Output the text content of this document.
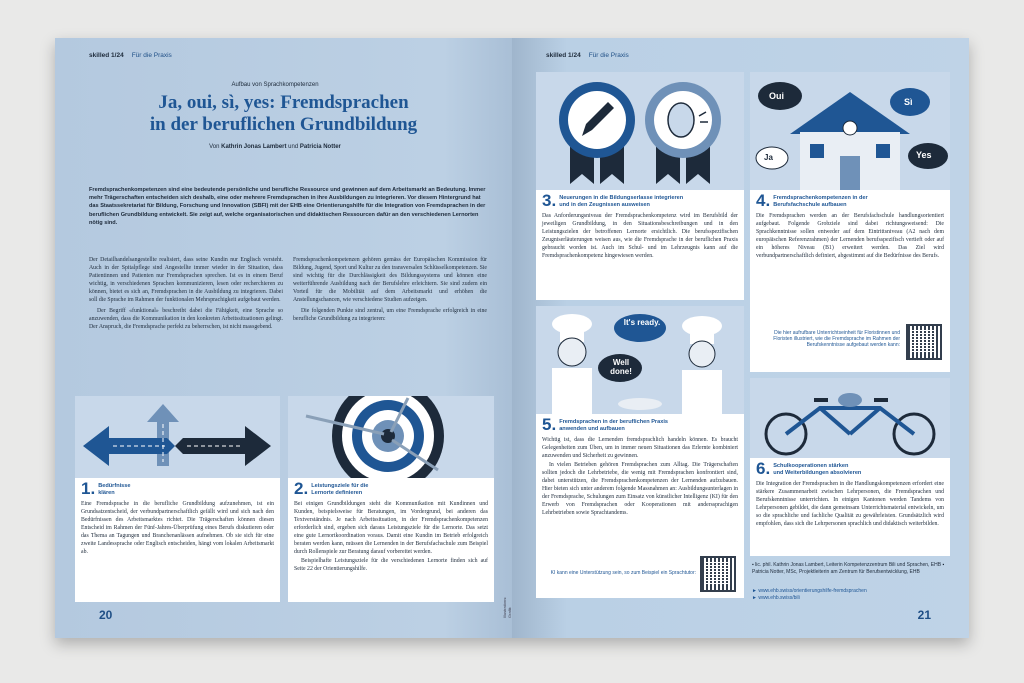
skilled 1/24 Für die Praxis
Aufbau von Sprachkompetenzen
Ja, oui, sì, yes: Fremdsprachen
in der beruflichen Grundbildung
Von Kathrin Jonas Lambert und Patricia Notter
Fremdsprachenkompetenzen sind eine bedeutende persönliche und berufliche Ressource und gewinnen auf dem Arbeitsmarkt an Bedeutung. Immer mehr Trägerschaften entscheiden sich deshalb, eine oder mehrere Fremdsprachen in ihre Ausbildungen zu integrieren. Vor diesem Hintergrund hat das Staatssekretariat für Bildung, Forschung und Innovation (SBFI) mit der EHB eine Orientierungshilfe für die Integration von Fremdsprachen in der beruflichen Grundbildung entwickelt. Sie zeigt auf, welche organisatorischen und didaktischen Ressourcen dafür an den verschiedenen Lernorten nötig sind.

Der Detailhandelsangestellte realisiert, dass seine Kundin nur Englisch versteht. Auch in der Spitalpflege sind Angestellte immer wieder in der Situation, dass Patientinnen und Patienten nur Fremdsprachen sprechen. Ist es in einem Beruf wichtig, in verschiedenen Sprachen kommunizieren, lesen oder recherchieren zu können, bietet es sich an, Fremdsprachen in die Ausbildung zu integrieren. Dabei soll die Sprache im Rahmen der funktionalen Mehrsprachigkeit aufgebaut werden.

Der Begriff «funktional» beschreibt dabei die Fähigkeit, eine Sprache so anzuwenden, dass die Kommunikation in den konkreten Arbeitssituationen gelingt. Der Anspruch, die Fremdsprache perfekt zu beherrschen, ist nicht massgebend.

Fremdsprachenkompetenzen gehören gemäss der Europäischen Kommission für Bildung, Jugend, Sport und Kultur zu den transversalen Schlüsselkompetenzen. Sie sind wichtig für die Durchlässigkeit des Bildungssystems und können eine weiterführende Ausbildung nach der Berufslehre erleichtern. Sie sind zudem ein Vorteil für die Mobilität auf dem Arbeitsmarkt und erhöhen die Anstellungschancen, wie verschiedene Studien aufzeigen.

Die folgenden Punkte sind zentral, um eine Fremdsprache erfolgreich in eine berufliche Grundbildung zu integrieren:

1. Bedürfnisse
klären
Eine Fremdsprache in die berufliche Grundbildung aufzunehmen, ist ein Grundsatzentscheid, der verbundpartnerschaftlich gefällt wird und sich nach den Bedürfnissen des Arbeitsmarktes richtet. Die Trägerschaften können diesen Entscheid im Rahmen der Fünf-Jahres-Überprüfung eines Berufs diskutieren oder das Thema an Tagungen und Branchenanlässen aufnehmen. Ob sie sich für eine zweite Landessprache oder Englisch entscheiden, hängt vom lokalen Arbeitsmarkt ab.
2. Leistungsziele für die
Lernorte definieren

Bei einigen Grundbildungen steht die Kommunikation mit Kundinnen und Kunden, beispielsweise für Beratungen, im Vordergrund, bei anderen das Textverständnis. Je nach Arbeitssituation, in der Fremdsprachenkompetenzen erforderlich sind, ergeben sich daraus Leistungsziele für die Lernorte. Das setzt eine gute Lernortkoordination voraus. Damit eine Kundin im Betrieb erfolgreich beraten werden kann, müssen die Lernenden in der Berufsfachschule zum Beispiel durch Rollenspiele zur Beratung darauf vorbereitet werden.

Beispielhafte Leistungsziele für die verschiedenen Lernorte finden sich auf Seite 22 der Orientierungshilfe.

Illustrations: Grafik
20
skilled 1/24 Für die Praxis
3. Neuerungen in die Bildungserlasse integrieren
und in den Zeugnissen ausweisen
Das Anforderungsniveau der Fremdsprachenkompetenz wird im Berufsbild der jeweiligen Grundbildung, in den Situationsbeschreibungen und in den Leistungszielen der betroffenen Lernorte ersichtlich. Die berufsspezifischen Zeugniserläuterungen weisen aus, wie die Fremdsprache in der beruflichen Praxis gebraucht worden ist. Auch im Schul- und im Lehrzeugnis kann auf die Fremdsprachenkompetenz hingewiesen werden.
Oui
Sì
Ja	Yes
4. Fremdsprachenkompetenzen in der
Berufsfachschule aufbauen
Die Fremdsprachen werden an der Berufsfachschule handlungsorientiert aufgebaut. Folgende Grobziele sind dabei richtungsweisend: Die Sprachkenntnisse sollen entweder auf dem Eintrittsniveau (A2 nach dem europäischen Referenzrahmen) der Lernenden berufsspezifisch vertieft oder auf ein höheres Niveau (B1) erweitert werden. Das Ziel wird verbundpartnerschaftlich definiert, abgestimmt auf die Bedürfnisse des Berufs.
Die hier aufrufbare Unterrichtseinheit für Floristinnen und Floristen illustriert, wie die Fremdsprache im Rahmen der Berufskenntnisse aufgebaut werden kann:
It's ready.
Well done!
5. Fremdsprachen in der beruflichen Praxis
anwenden und aufbauen

Wichtig ist, dass die Lernenden fremdsprachlich handeln können. Es braucht Gelegenheiten zum Üben, um in immer neuen Situationen das Erlernte kombiniert anzuwenden und Sicherheit zu gewinnen.

In vielen Betrieben gehören Fremdsprachen zum Alltag. Die Trägerschaften sollten jedoch die Lehrbetriebe, die wenig mit Fremdsprachen konfrontiert sind, dabei unterstützen, die Fremdsprachenkompetenzen der Lernenden aufzubauen. Hier bieten sich unter anderem folgende Massnahmen an: Ausbildungsunterlagen in der Fremdsprache, Schulungen zum Einsatz von künstlicher Intelligenz (KI) für den Erwerb von Fremdsprachen oder Kooperationen mit anderssprachigen Lehrbetrieben sowie Sprachtandems.

KI kann eine Unterstützung sein, so zum Beispiel ein Sprachtutor:
6. Schulkooperationen stärken
und Weiterbildungen absolvieren
Die Integration der Fremdsprachen in die Handlungskompetenzen erfordert eine stärkere Zusammenarbeit zwischen Lehrpersonen, die Fremdsprachen und Berufskenntnisse unterrichten. In einigen Kantonen werden Tandems von Lehrpersonen gebildet, die dann gemeinsam Unterrichtsmaterial entwickeln, um so die sprachliche und fachliche Qualität zu gewährleisten. Grundsätzlich wird empfohlen, dass sich die Lehrpersonen sprachlich und didaktisch weiterbilden.
▪ lic. phil. Kathrin Jonas Lambert, Leiterin Kompetenzzentrum Bili und Sprachen, EHB ▪ Patricia Notter, MSc, Projektleiterin am Zentrum für Berufsentwicklung, EHB
► www.ehb.swiss/orientierungshilfe-fremdsprachen
► www.ehb.swiss/bili
21
